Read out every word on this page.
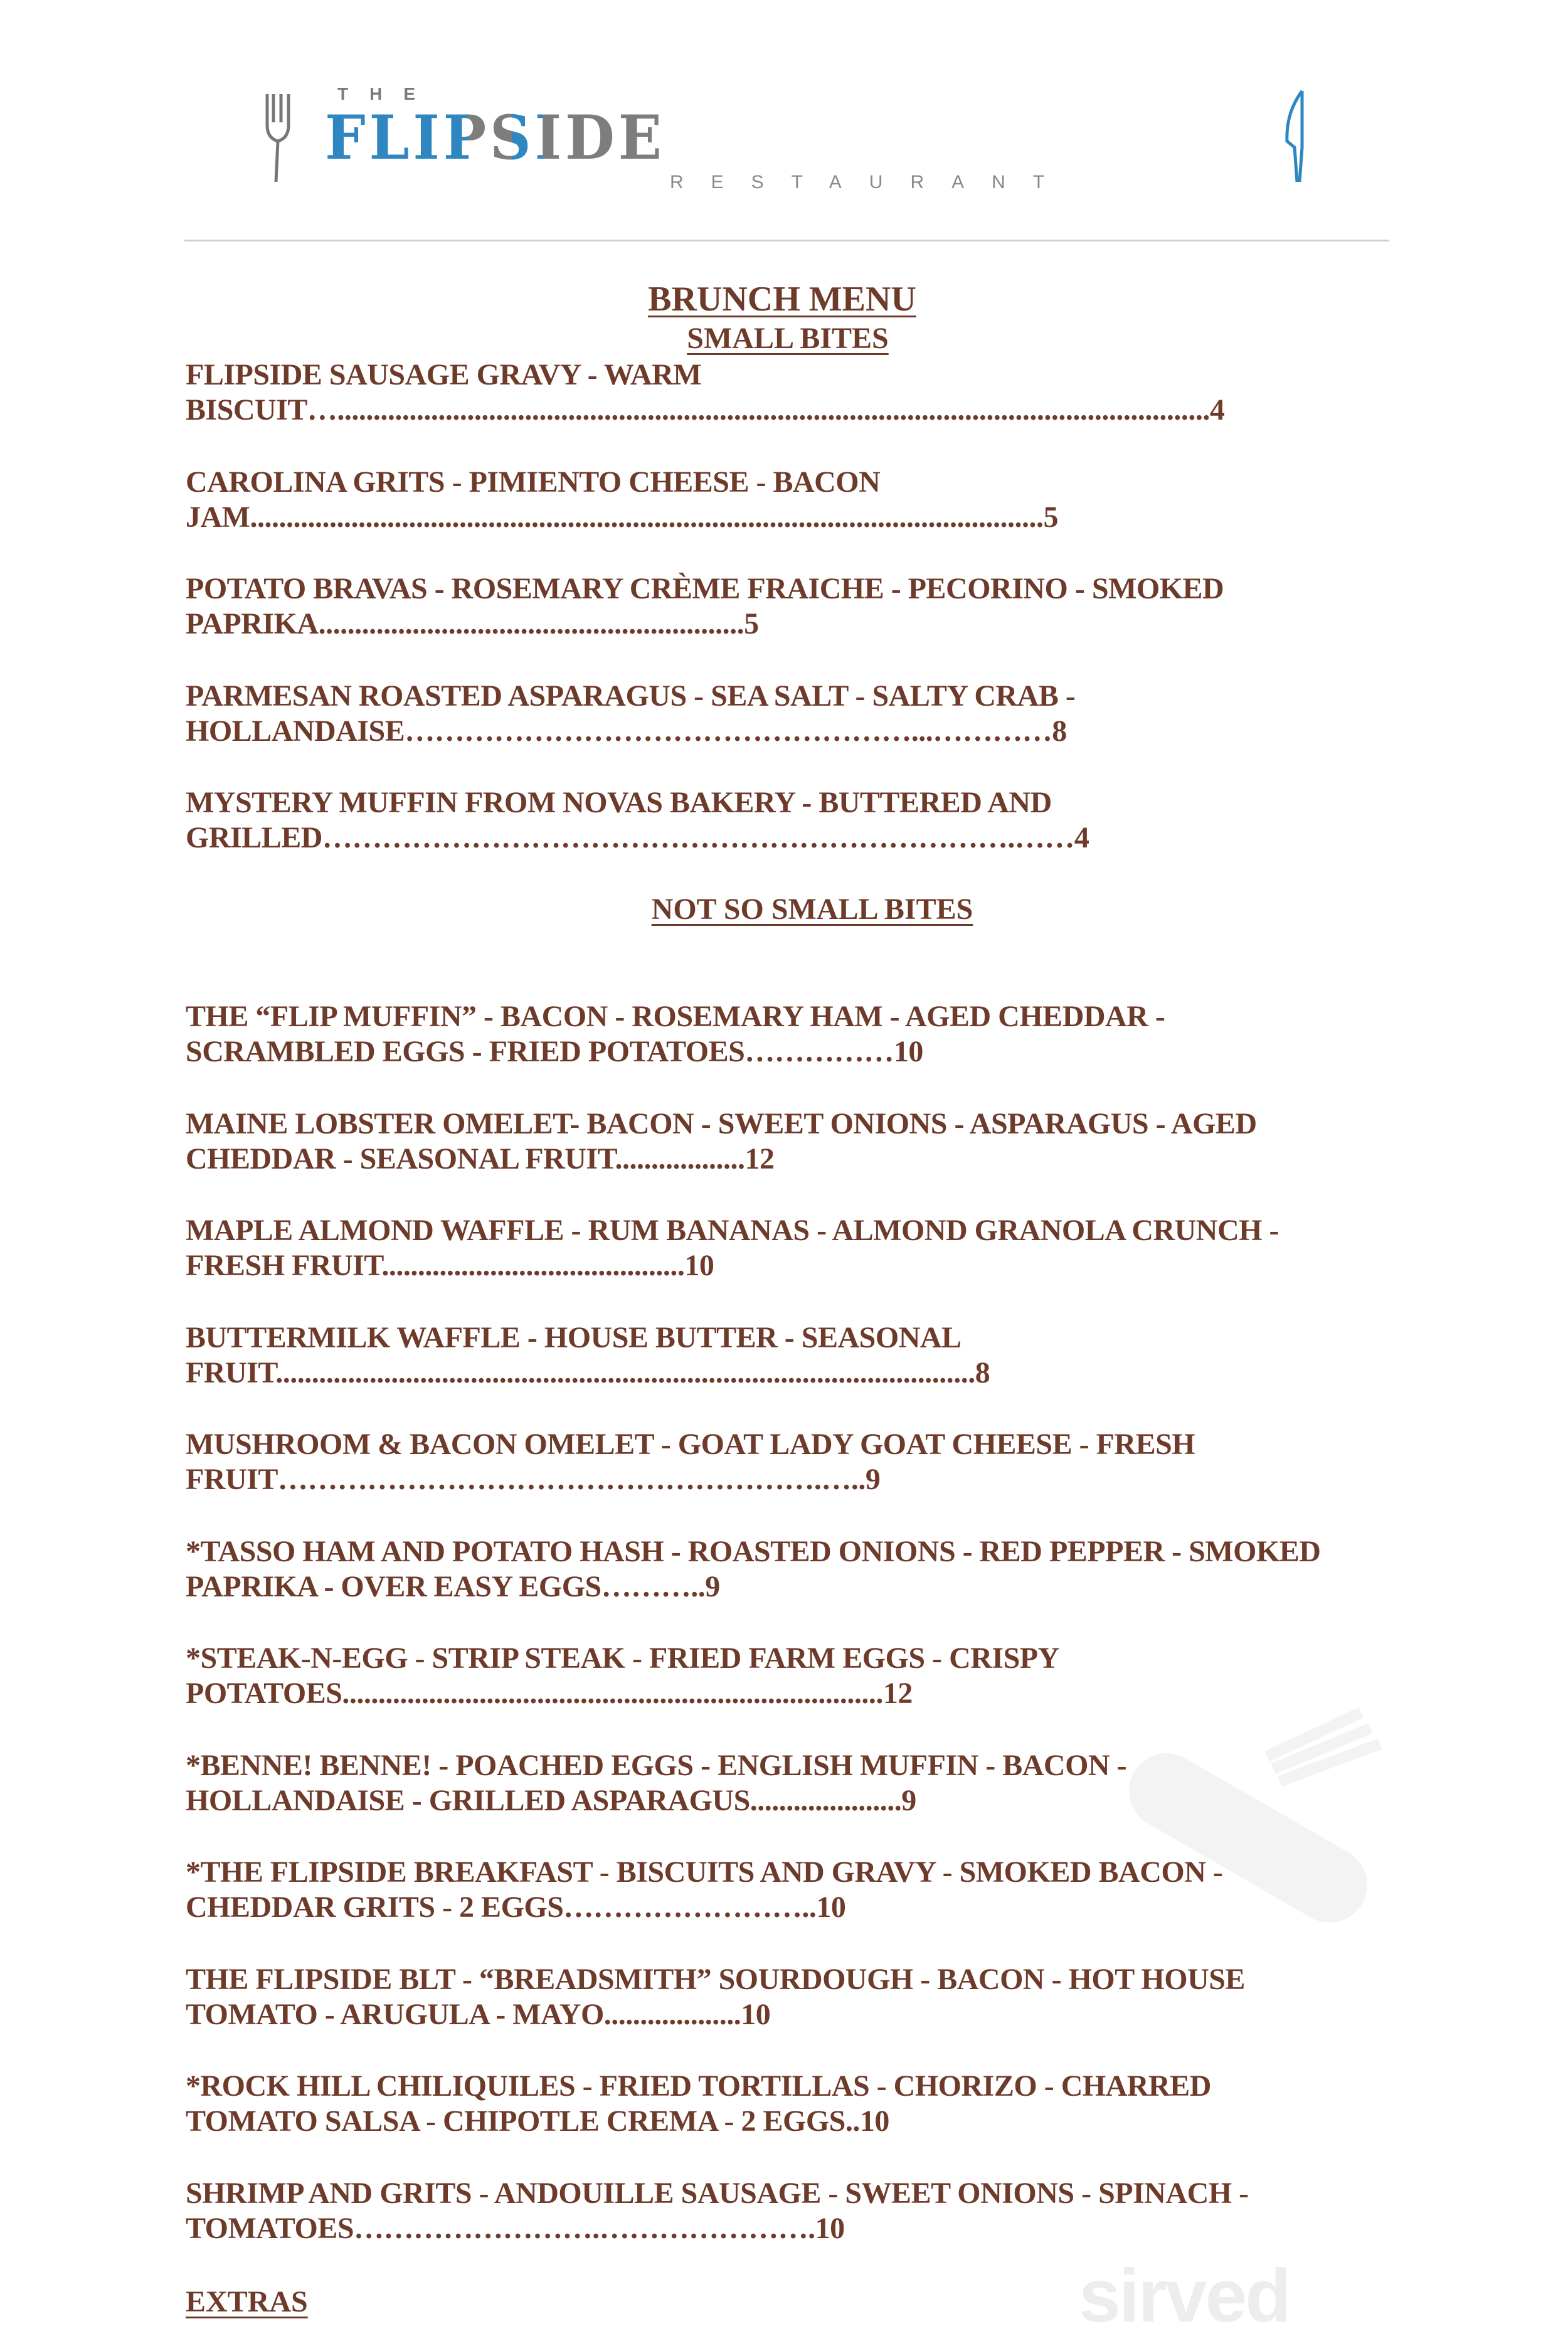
THE
FLIPSIDE
RESTAURANT
BRUNCH MENU
SMALL BITES
NOT SO SMALL BITES
sirved
FLIPSIDE SAUSAGE GRAVY - WARM
BISCUIT….........................................................................................................................4
CAROLINA GRITS - PIMIENTO CHEESE - BACON
JAM..............................................................................................................5
POTATO BRAVAS - ROSEMARY CRÈME FRAICHE - PECORINO - SMOKED
PAPRIKA...........................................................5
PARMESAN ROASTED ASPARAGUS - SEA SALT - SALTY CRAB -
HOLLANDAISE……………………………………………...…………8
MYSTERY MUFFIN FROM NOVAS BAKERY - BUTTERED AND
GRILLED…………………………………………………………….……4
THE “FLIP MUFFIN” - BACON - ROSEMARY HAM - AGED CHEDDAR -
SCRAMBLED EGGS - FRIED POTATOES……………10
MAINE LOBSTER OMELET- BACON - SWEET ONIONS - ASPARAGUS - AGED
CHEDDAR - SEASONAL FRUIT..................12
MAPLE ALMOND WAFFLE - RUM BANANAS - ALMOND GRANOLA CRUNCH -
FRESH FRUIT..........................................10
BUTTERMILK WAFFLE - HOUSE BUTTER - SEASONAL
FRUIT.................................................................................................8
MUSHROOM & BACON OMELET - GOAT LADY GOAT CHEESE - FRESH
FRUIT……………………………………………….…..9
*TASSO HAM AND POTATO HASH - ROASTED ONIONS - RED PEPPER - SMOKED
PAPRIKA - OVER EASY EGGS………..9
*STEAK-N-EGG - STRIP STEAK - FRIED FARM EGGS - CRISPY
POTATOES...........................................................................12
*BENNE! BENNE! - POACHED EGGS - ENGLISH MUFFIN - BACON -
HOLLANDAISE - GRILLED ASPARAGUS.....................9
*THE FLIPSIDE BREAKFAST - BISCUITS AND GRAVY - SMOKED BACON -
CHEDDAR GRITS - 2 EGGS……………………..10
THE FLIPSIDE BLT - “BREADSMITH” SOURDOUGH - BACON - HOT HOUSE
TOMATO - ARUGULA - MAYO...................10
*ROCK HILL CHILIQUILES - FRIED TORTILLAS - CHORIZO - CHARRED
TOMATO SALSA - CHIPOTLE CREMA - 2 EGGS..10
SHRIMP AND GRITS - ANDOUILLE SAUSAGE - SWEET ONIONS - SPINACH -
TOMATOES…………………….………………….10
EXTRAS
